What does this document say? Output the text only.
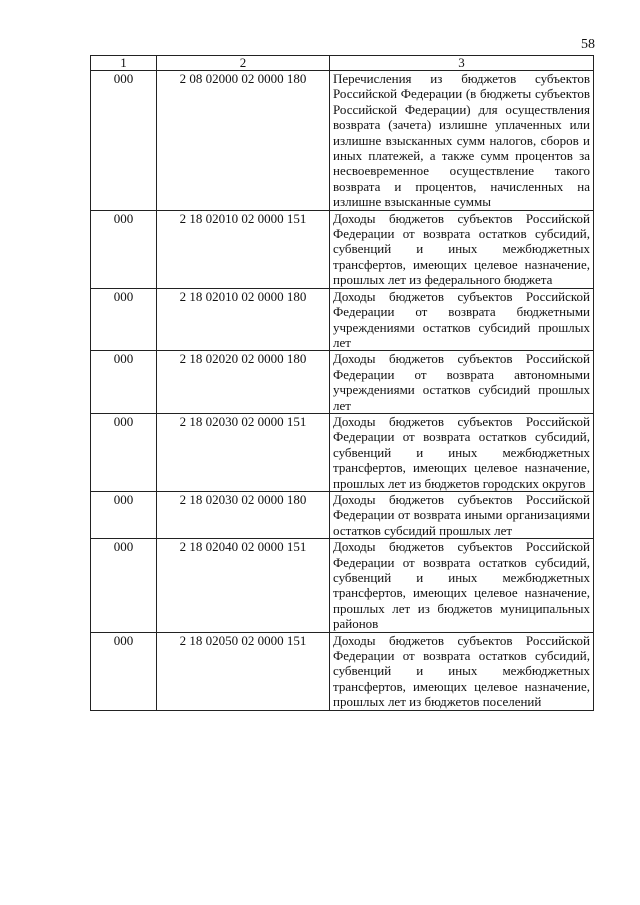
58
1	2	3
000	2 08 02000 02 0000 180	Перечисления из бюджетов субъектов Российской Федерации (в бюджеты субъектов Российской Федерации) для осуществления возврата (зачета) излишне уплаченных или излишне взысканных сумм налогов, сборов и иных платежей, а также сумм процентов за несвоевременное осуществление такого возврата и процентов, начисленных на излишне взысканные суммы
000	2 18 02010 02 0000 151	Доходы бюджетов субъектов Российской Федерации от возврата остатков субсидий, субвенций и иных межбюджетных трансфертов, имеющих целевое назначение, прошлых лет из федерального бюджета
000	2 18 02010 02 0000 180	Доходы бюджетов субъектов Российской Федерации от возврата бюджетными учреждениями остатков субсидий прошлых лет
000	2 18 02020 02 0000 180	Доходы бюджетов субъектов Российской Федерации от возврата автономными учреждениями остатков субсидий прошлых лет
000	2 18 02030 02 0000 151	Доходы бюджетов субъектов Российской Федерации от возврата остатков субсидий, субвенций и иных межбюджетных трансфертов, имеющих целевое назначение, прошлых лет из бюджетов городских округов
000	2 18 02030 02 0000 180	Доходы бюджетов субъектов Российской Федерации от возврата иными организациями остатков субсидий прошлых лет
000	2 18 02040 02 0000 151	Доходы бюджетов субъектов Российской Федерации от возврата остатков субсидий, субвенций и иных межбюджетных трансфертов, имеющих целевое назначение, прошлых лет из бюджетов муниципальных районов
000	2 18 02050 02 0000 151	Доходы бюджетов субъектов Российской Федерации от возврата остатков субсидий, субвенций и иных межбюджетных трансфертов, имеющих целевое назначение, прошлых лет из бюджетов поселений
